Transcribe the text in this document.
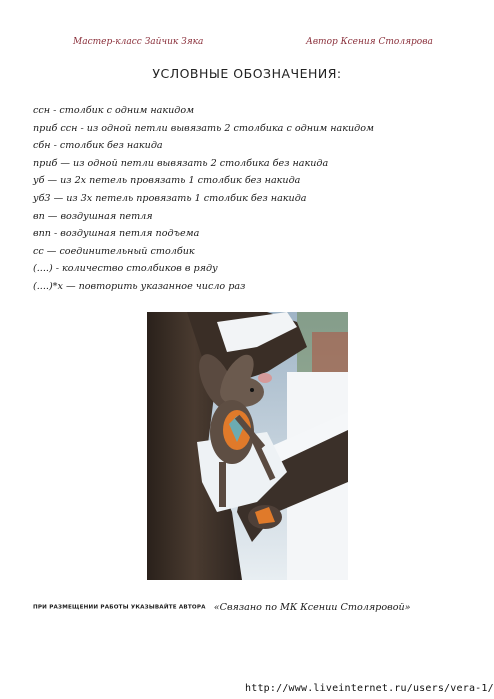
Мастер-класс Зайчик Зяка	Автор Ксения Столярова
УСЛОВНЫЕ ОБОЗНАЧЕНИЯ:
ссн - столбик с одним накидом
приб ссн - из одной петли вывязать 2 столбика с одним накидом
сбн - столбик без накида
приб — из одной петли вывязать 2 столбика без накида
уб — из 2х петель провязать 1 столбик без накида
уб3 — из 3х петель провязать 1 столбик без накида
вп — воздушная петля
впп - воздушная петля подъема
сс — соединительный столбик
(....) - количество столбиков в ряду
(....)*х — повторить указанное число раз
ПРИ РАЗМЕЩЕНИИ РАБОТЫ УКАЗЫВАЙТЕ АВТОРА «Связано по МК Ксении Столяровой»
http://www.liveinternet.ru/users/vera-1/
